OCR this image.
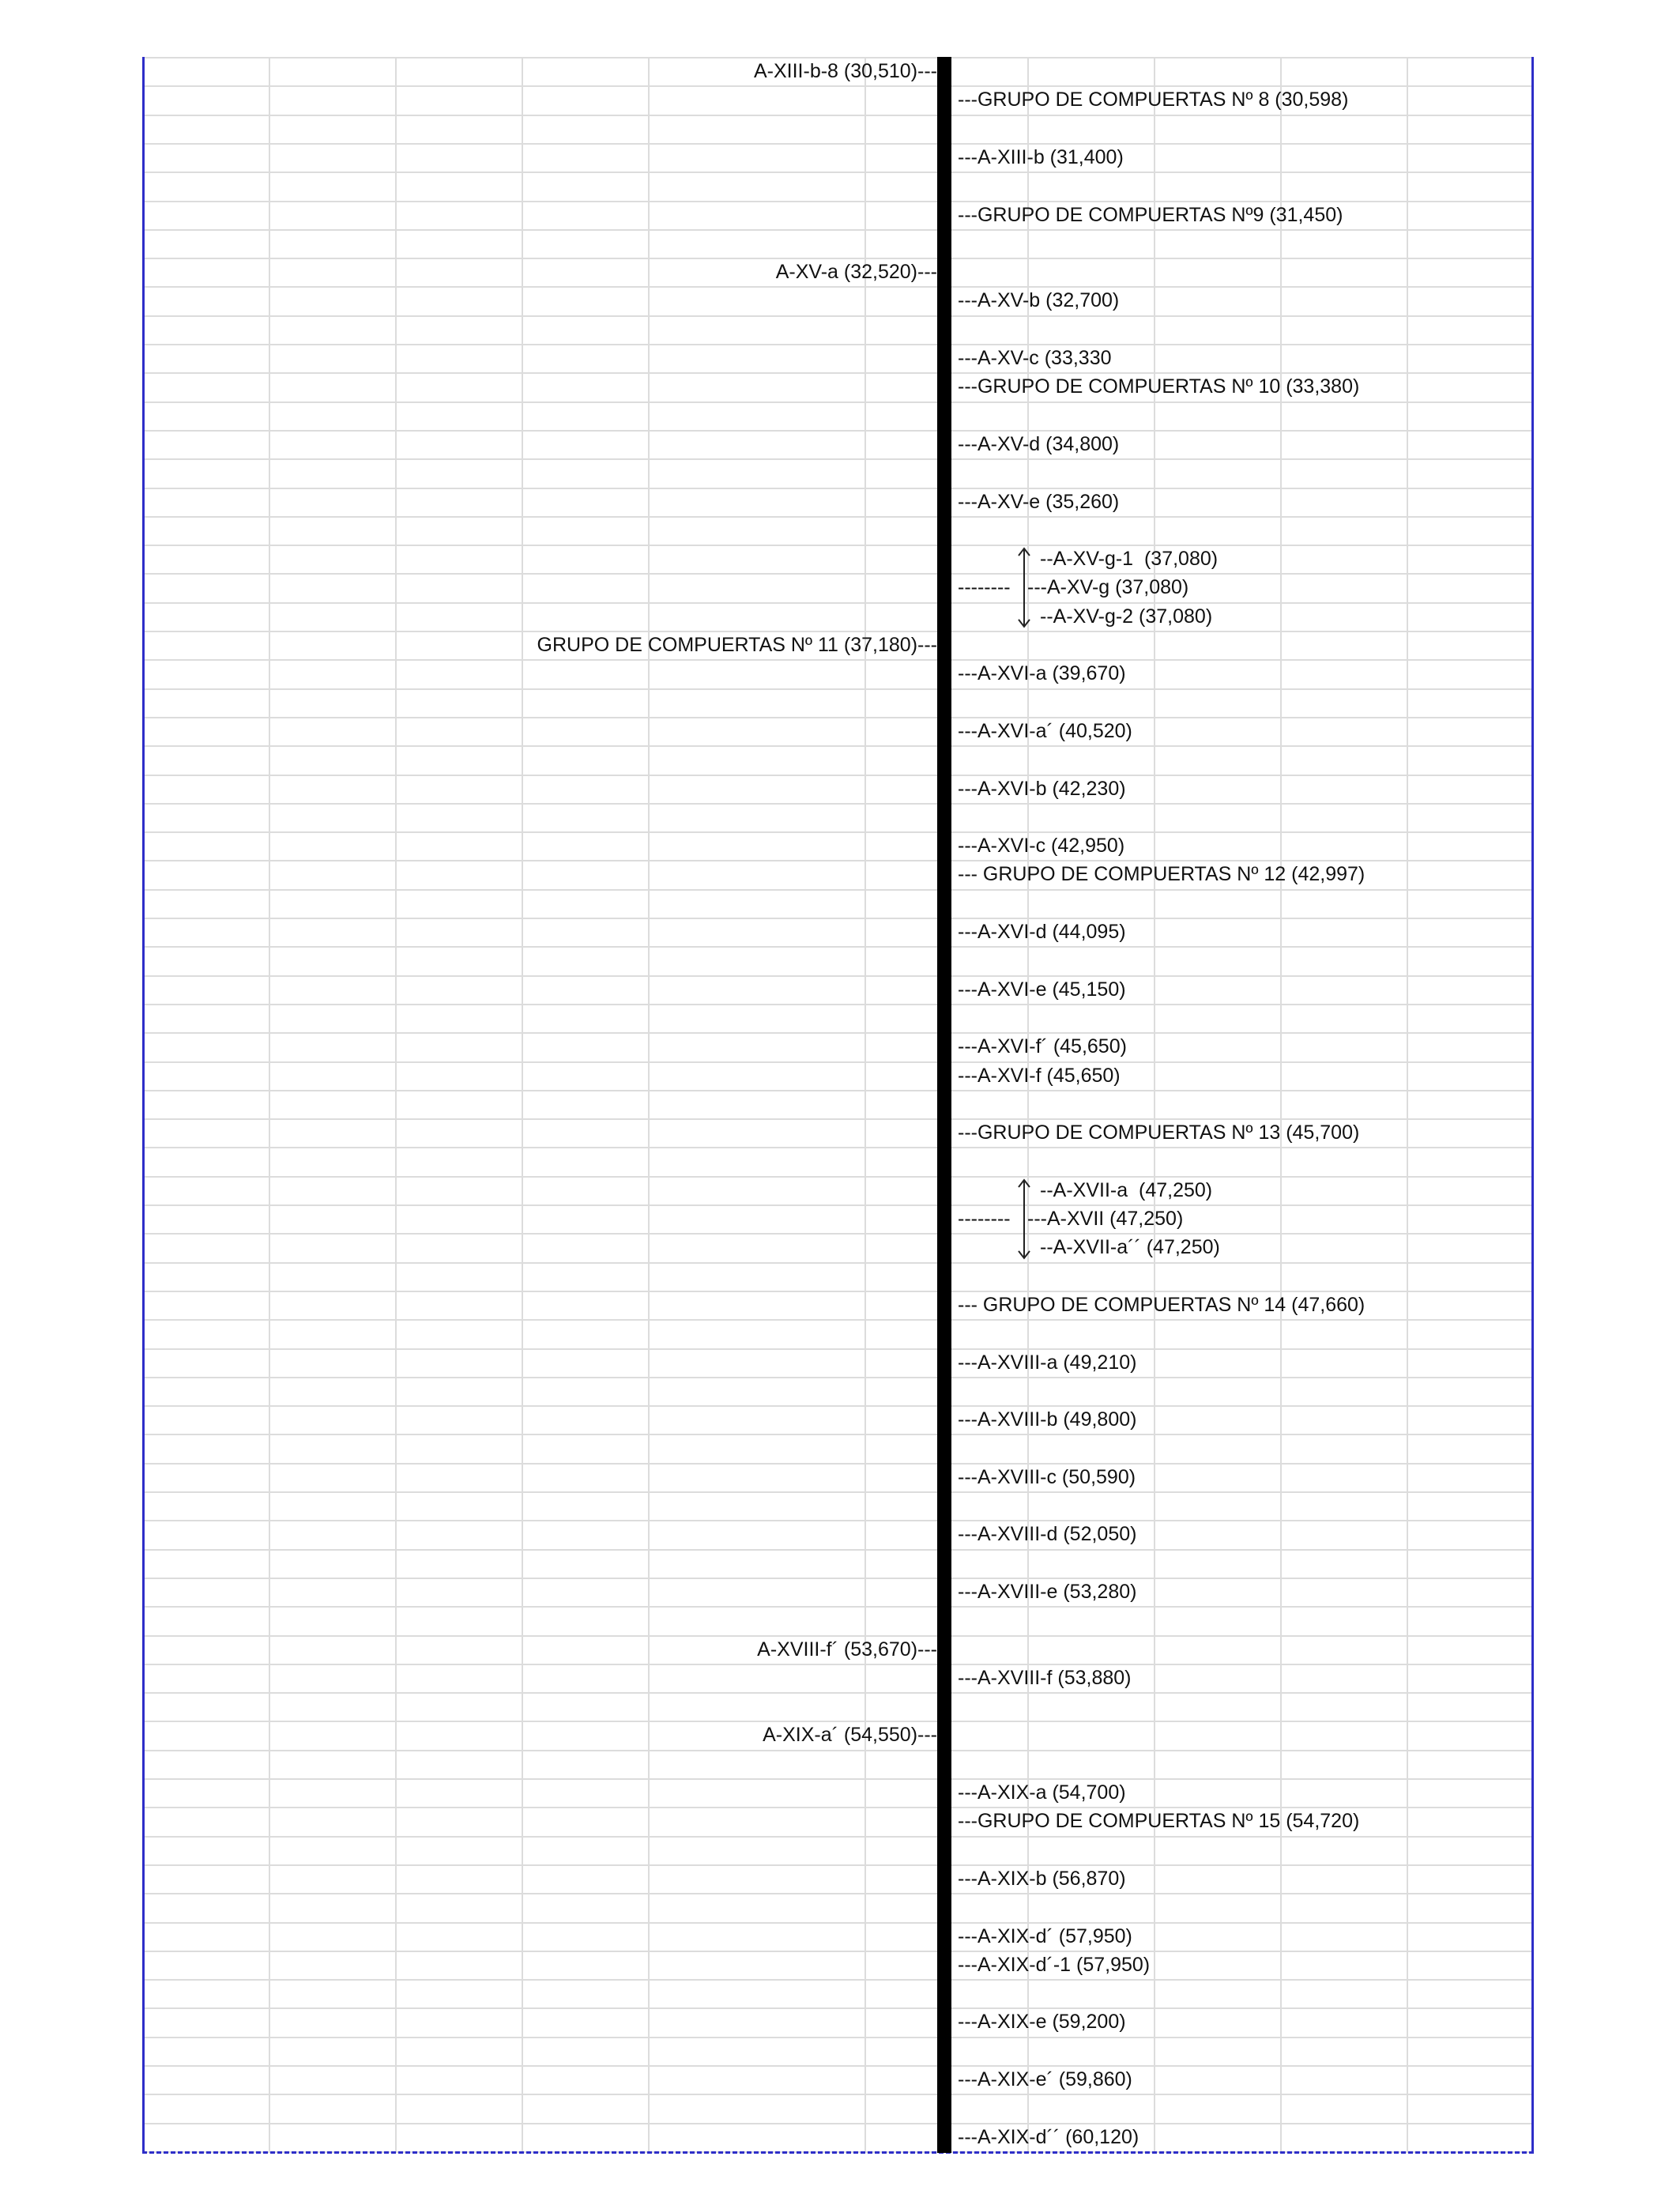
---GRUPO DE COMPUERTAS Nº 8 (30,598)
---A-XIII-b (31,400)
---GRUPO DE COMPUERTAS Nº9 (31,450)
---A-XV-b (32,700)
---A-XV-c (33,330
---GRUPO DE COMPUERTAS Nº 10 (33,380)
---A-XV-d (34,800)
---A-XV-e (35,260)
---A-XVI-a (39,670)
---A-XVI-a´ (40,520)
---A-XVI-b (42,230)
---A-XVI-c (42,950)
--- GRUPO DE COMPUERTAS Nº 12 (42,997)
---A-XVI-d (44,095)
---A-XVI-e (45,150)
---A-XVI-f´ (45,650)
---A-XVI-f (45,650)
---GRUPO DE COMPUERTAS Nº 13 (45,700)
--- GRUPO DE COMPUERTAS Nº 14 (47,660)
---A-XVIII-a (49,210)
---A-XVIII-b (49,800)
---A-XVIII-c (50,590)
---A-XVIII-d (52,050)
---A-XVIII-e (53,280)
---A-XVIII-f (53,880)
---A-XIX-a (54,700)
---GRUPO DE COMPUERTAS Nº 15 (54,720)
---A-XIX-b (56,870)
---A-XIX-d´ (57,950)
---A-XIX-d´-1 (57,950)
---A-XIX-e (59,200)
---A-XIX-e´ (59,860)
---A-XIX-d´´ (60,120)
A-XIII-b-8 (30,510)---
A-XV-a (32,520)---
GRUPO DE COMPUERTAS Nº 11 (37,180)---
A-XVIII-f´ (53,670)---
A-XIX-a´ (54,550)---
--------
--A-XV-g-1  (37,080)
---A-XV-g (37,080)
--A-XV-g-2 (37,080)
--------
--A-XVII-a  (47,250)
---A-XVII (47,250)
--A-XVII-a´´ (47,250)
